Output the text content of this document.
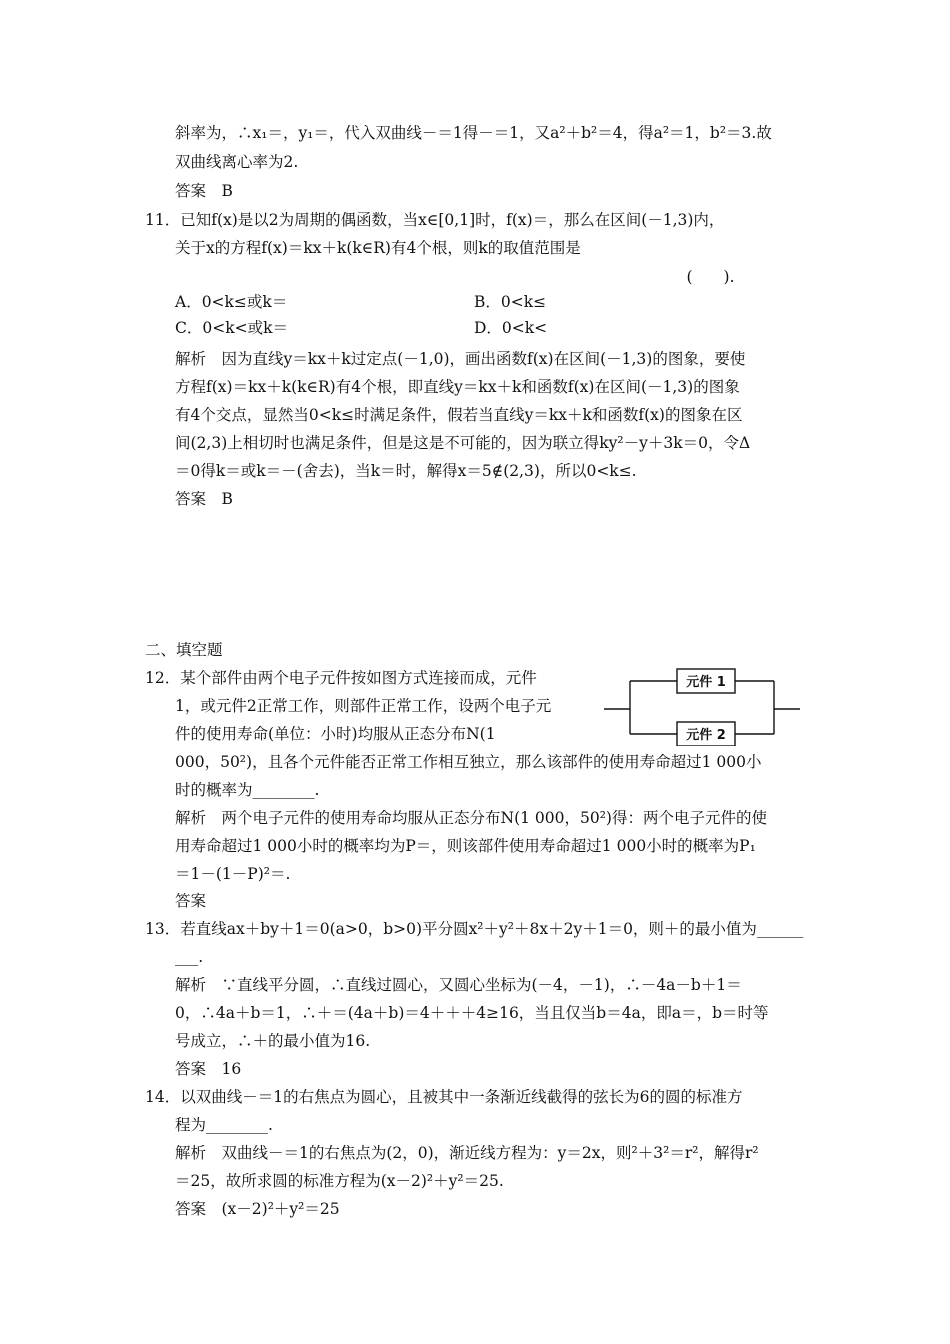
斜率为，∴x₁＝，y₁＝，代入双曲线－＝1得－＝1，又a²＋b²＝4，得a²＝1，b²＝3.故
双曲线离心率为2.
答案　B
11．已知f(x)是以2为周期的偶函数，当x∈[0,1]时，f(x)＝，那么在区间(－1,3)内，
关于x的方程f(x)＝kx＋k(k∈R)有4个根，则k的取值范围是
　　　　　　　　　　　　　　　　　　　　　　　　　　　　　　　　　(　　).
A．0<k≤或k＝	B．0<k≤
C．0<k<或k＝	D．0<k<
解析　因为直线y＝kx＋k过定点(－1,0)，画出函数f(x)在区间(－1,3)的图象，要使
方程f(x)＝kx＋k(k∈R)有4个根，即直线y＝kx＋k和函数f(x)在区间(－1,3)的图象
有4个交点，显然当0<k≤时满足条件，假若当直线y＝kx＋k和函数f(x)的图象在区
间(2,3)上相切时也满足条件，但是这是不可能的，因为联立得ky²－y＋3k＝0，令Δ
＝0得k＝或k＝－(舍去)，当k＝时，解得x＝5∉(2,3)，所以0<k≤.
答案　B
二、填空题
12．某个部件由两个电子元件按如图方式连接而成，元件
1，或元件2正常工作，则部件正常工作，设两个电子元
件的使用寿命(单位：小时)均服从正态分布N(1
000，50²)，且各个元件能否正常工作相互独立，那么该部件的使用寿命超过1 000小
时的概率为________.
解析　两个电子元件的使用寿命均服从正态分布N(1 000，50²)得：两个电子元件的使
用寿命超过1 000小时的概率均为P＝，则该部件使用寿命超过1 000小时的概率为P₁
＝1－(1－P)²＝.
答案
13．若直线ax＋by＋1＝0(a>0，b>0)平分圆x²＋y²＋8x＋2y＋1＝0，则＋的最小值为______
___.
解析　∵直线平分圆，∴直线过圆心，又圆心坐标为(－4，－1)，∴－4a－b＋1＝
0，∴4a＋b＝1，∴＋＝(4a＋b)＝4＋＋＋4≥16，当且仅当b＝4a，即a＝，b＝时等
号成立，∴＋的最小值为16.
答案　16
14．以双曲线－＝1的右焦点为圆心，且被其中一条渐近线截得的弦长为6的圆的标准方
程为________.
解析　双曲线－＝1的右焦点为(2，0)，渐近线方程为：y＝2x，则²＋3²＝r²，解得r²
＝25，故所求圆的标准方程为(x－2)²＋y²＝25.
答案　(x－2)²＋y²＝25
元件 1
元件 2
